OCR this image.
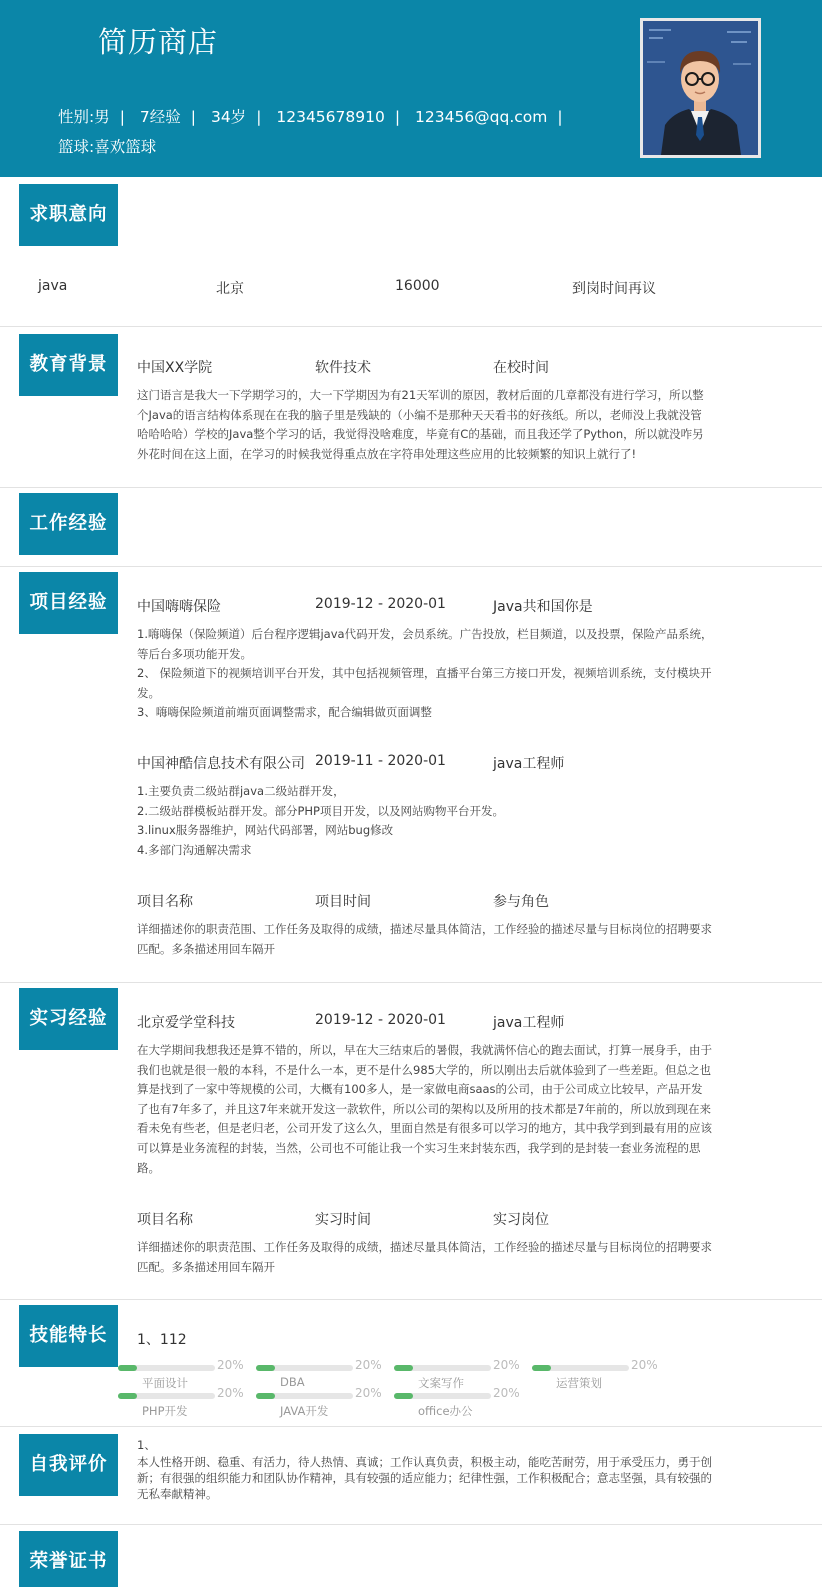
简历商店
性别:男 | 7经验 | 34岁 | 12345678910 | 123456@qq.com |
篮球:喜欢篮球
求职意向
java	北京	16000	到岗时间再议
教育背景	中国XX学院	软件技术	在校时间
这门语言是我大一下学期学习的，大一下学期因为有21天军训的原因，教材后面的几章都没有进行学习，所以整个Java的语言结构体系现在在我的脑子里是残缺的（小编不是那种天天看书的好孩纸。所以，老师没上我就没管哈哈哈哈）学校的Java整个学习的话，我觉得没啥难度，毕竟有C的基础，而且我还学了Python，所以就没咋另外花时间在这上面，在学习的时候我觉得重点放在字符串处理这些应用的比较频繁的知识上就行了!
工作经验
项目经验	中国嗨嗨保险	2019-12 - 2020-01	Java共和国你是

1.嗨嗨保（保险频道）后台程序逻辑java代码开发，会员系统。广告投放，栏目频道，以及投票，保险产品系统，等后台多项功能开发。

2、 保险频道下的视频培训平台开发，其中包括视频管理，直播平台第三方接口开发，视频培训系统，支付模块开发。

3、嗨嗨保险频道前端页面调整需求，配合编辑做页面调整

中国神酷信息技术有限公司 2019-11 - 2020-01	java工程师

1.主要负责二级站群java二级站群开发，

2.二级站群模板站群开发。部分PHP项目开发，以及网站购物平台开发。

3.linux服务器维护，网站代码部署，网站bug修改

4.多部门沟通解决需求

项目名称	项目时间	参与角色

详细描述你的职责范围、工作任务及取得的成绩，描述尽量具体简洁，工作经验的描述尽量与目标岗位的招聘要求匹配。多条描述用回车隔开

实习经验	北京爱学堂科技	2019-12 - 2020-01	java工程师
在大学期间我想我还是算不错的，所以，早在大三结束后的暑假，我就满怀信心的跑去面试，打算一展身手，由于我们也就是很一般的本科，不是什么一本，更不是什么985大学的，所以刚出去后就体验到了一些差距。但总之也算是找到了一家中等规模的公司，大概有100多人，是一家做电商saas的公司，由于公司成立比较早，产品开发了也有7年多了，并且这7年来就开发这一款软件，所以公司的架构以及所用的技术都是7年前的，所以放到现在来看未免有些老，但是老归老，公司开发了这么久，里面自然是有很多可以学习的地方，其中我学到到最有用的应该可以算是业务流程的封装，当然，公司也不可能让我一个实习生来封装东西，我学到的是封装一套业务流程的思路。
项目名称	实习时间	实习岗位
详细描述你的职责范围、工作任务及取得的成绩，描述尽量具体简洁，工作经验的描述尽量与目标岗位的招聘要求匹配。多条描述用回车隔开
技能特长	1、112
20%
平面设计
20%
DBA
20%
文案写作
20%
运营策划
20%
PHP开发
20%
JAVA开发
20%
office办公
自我评价
1、
本人性格开朗、稳重、有活力，待人热情、真诚；工作认真负责，积极主动，能吃苦耐劳，用于承受压力，勇于创新；有很强的组织能力和团队协作精神，具有较强的适应能力；纪律性强，工作积极配合；意志坚强，具有较强的无私奉献精神。
荣誉证书
